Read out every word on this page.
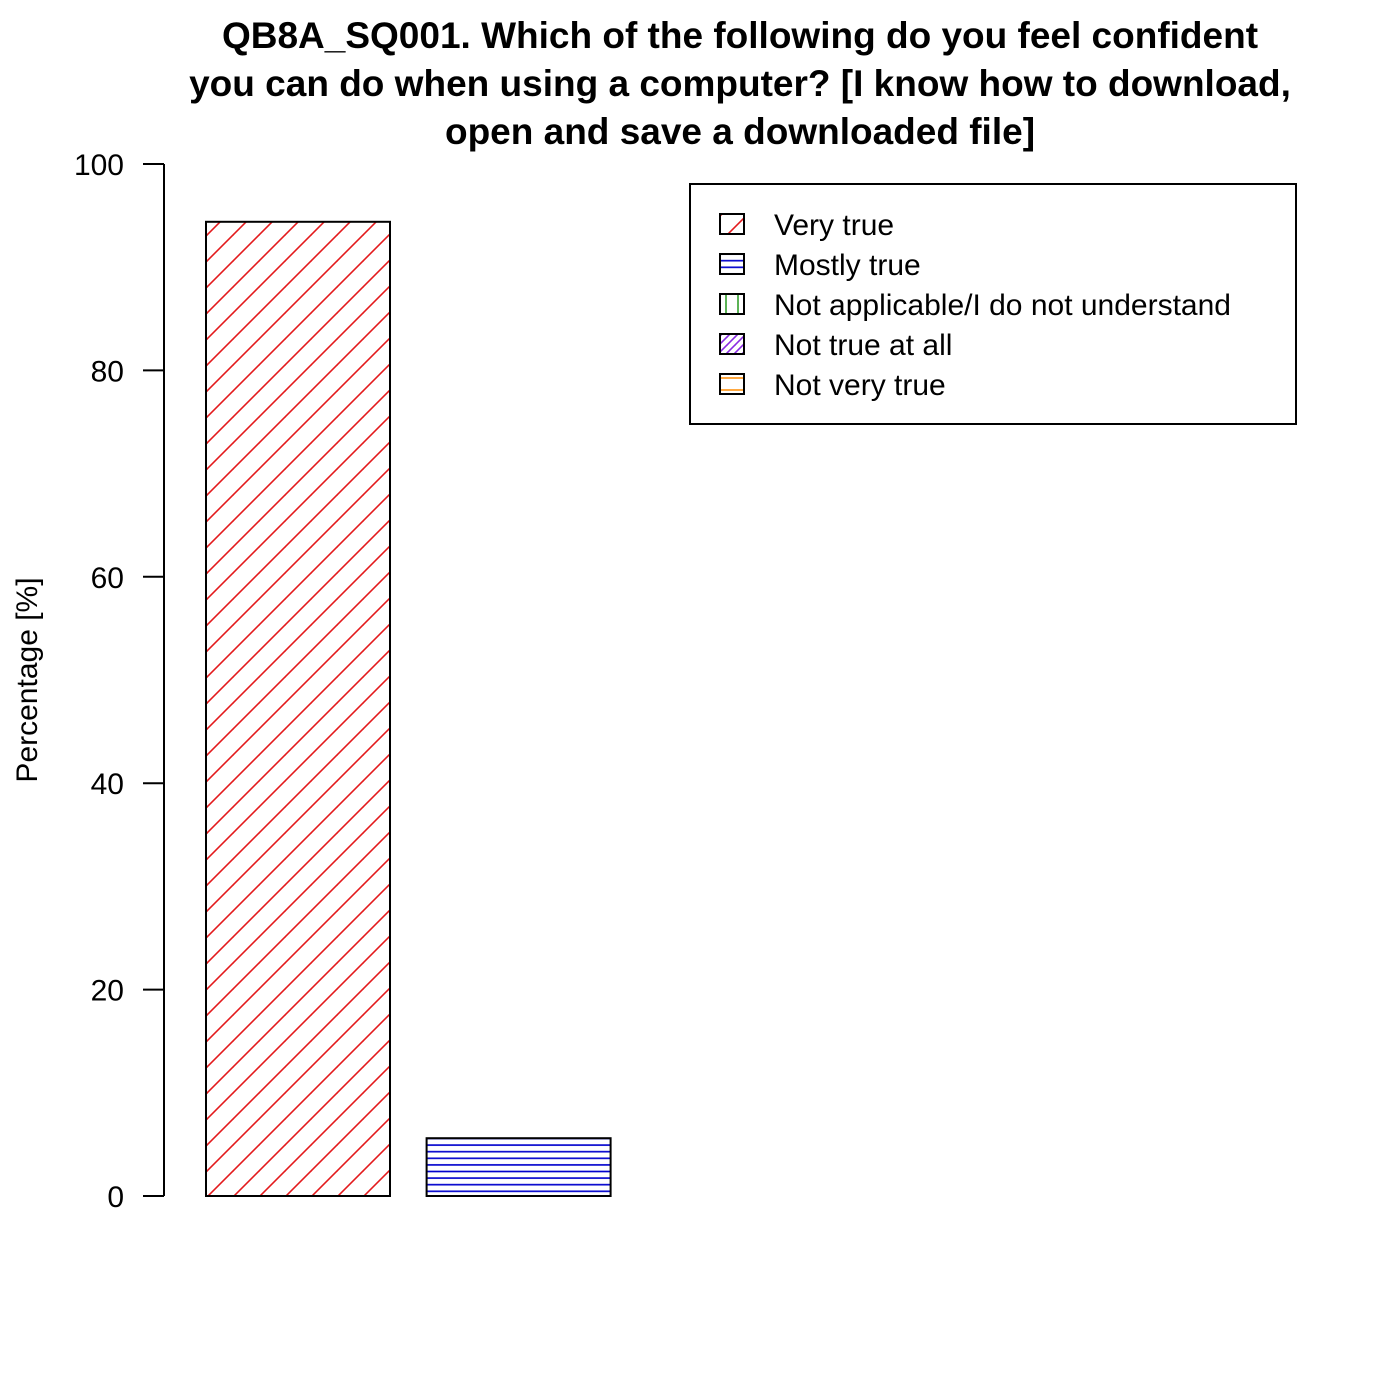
QB8A_SQ001. Which of the following do you feel confident
you can do when using a computer? [I know how to download,
open and save a downloaded file]
0
20
40
60
80
100
Percentage [%]
Very true
Mostly true
Not applicable/I do not understand
Not true at all
Not very true
